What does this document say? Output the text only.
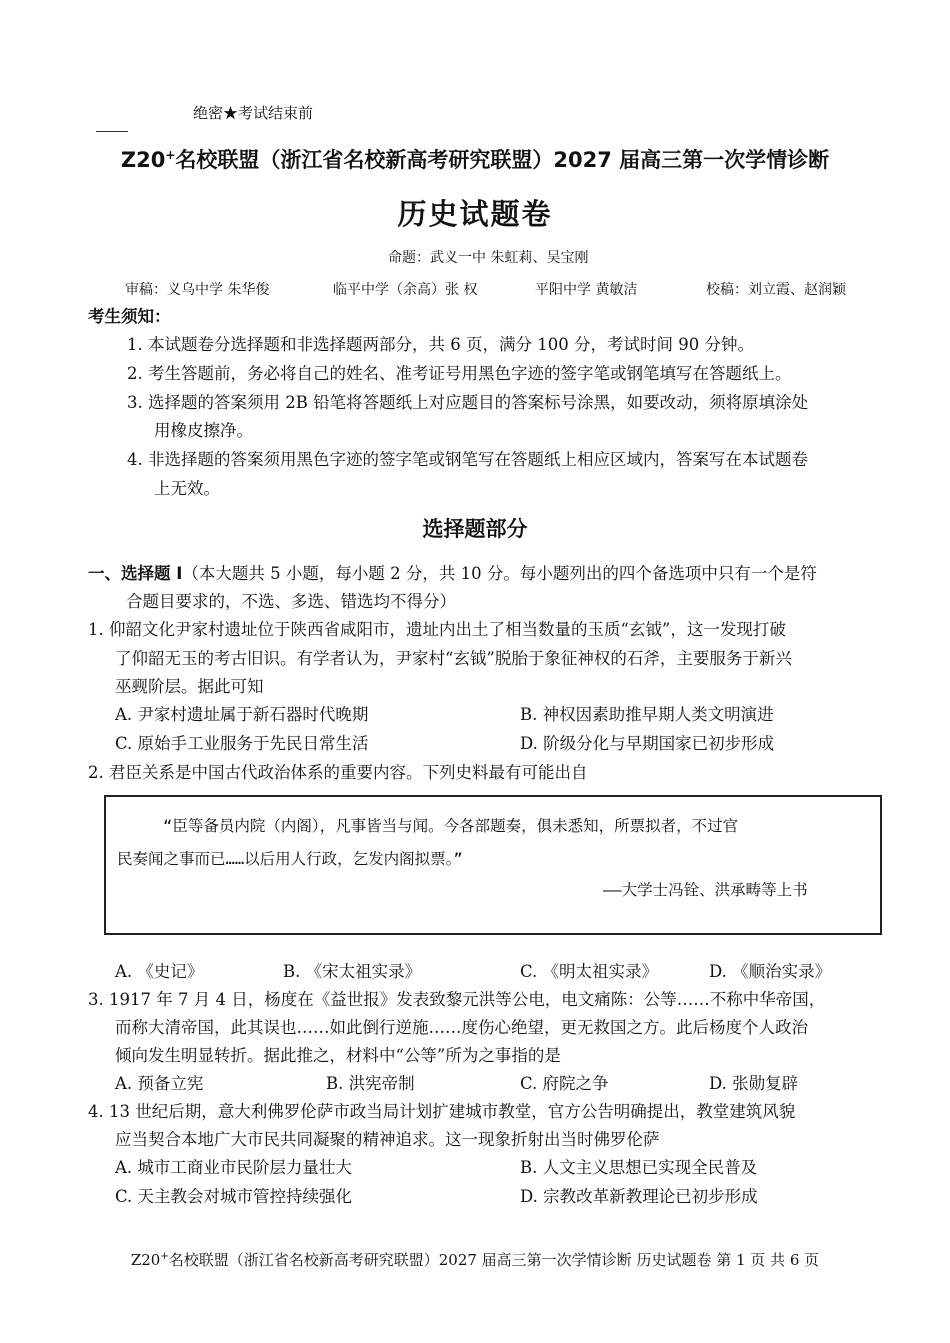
绝密★考试结束前
Z20+名校联盟（浙江省名校新高考研究联盟）2027 届高三第一次学情诊断
历史试题卷
命题：武义一中 朱虹莉、吴宝刚
审稿：义乌中学 朱华俊	临平中学（余高）张 权	平阳中学 黄敏洁	校稿：刘立霞、赵润颖
考生须知：
1. 本试题卷分选择题和非选择题两部分，共 6 页，满分 100 分，考试时间 90 分钟。
2. 考生答题前，务必将自己的姓名、准考证号用黑色字迹的签字笔或钢笔填写在答题纸上。
3. 选择题的答案须用 2B 铅笔将答题纸上对应题目的答案标号涂黑，如要改动，须将原填涂处
用橡皮擦净。
4. 非选择题的答案须用黑色字迹的签字笔或钢笔写在答题纸上相应区域内，答案写在本试题卷
上无效。
选择题部分
一、选择题 I（本大题共 5 小题，每小题 2 分，共 10 分。每小题列出的四个备选项中只有一个是符
合题目要求的，不选、多选、错选均不得分）
1. 仰韶文化尹家村遗址位于陕西省咸阳市，遗址内出土了相当数量的玉质“玄钺”，这一发现打破
了仰韶无玉的考古旧识。有学者认为，尹家村“玄钺”脱胎于象征神权的石斧，主要服务于新兴
巫觋阶层。据此可知
A. 尹家村遗址属于新石器时代晚期	B. 神权因素助推早期人类文明演进
C. 原始手工业服务于先民日常生活	D. 阶级分化与早期国家已初步形成
2. 君臣关系是中国古代政治体系的重要内容。下列史料最有可能出自
“臣等备员内院（内阁），凡事皆当与闻。今各部题奏，俱未悉知，所票拟者，不过官
民奏闻之事而已……以后用人行政，乞发内阁拟票。”
——大学士冯铨、洪承畴等上书
A. 《史记》	B. 《宋太祖实录》	C. 《明太祖实录》	D. 《顺治实录》
3. 1917 年 7 月 4 日，杨度在《益世报》发表致黎元洪等公电，电文痛陈：公等……不称中华帝国，
而称大清帝国，此其误也……如此倒行逆施……度伤心绝望，更无救国之方。此后杨度个人政治
倾向发生明显转折。据此推之，材料中“公等”所为之事指的是
A. 预备立宪	B. 洪宪帝制	C. 府院之争	D. 张勋复辟
4. 13 世纪后期，意大利佛罗伦萨市政当局计划扩建城市教堂，官方公告明确提出，教堂建筑风貌
应当契合本地广大市民共同凝聚的精神追求。这一现象折射出当时佛罗伦萨
A. 城市工商业市民阶层力量壮大	B. 人文主义思想已实现全民普及
C. 天主教会对城市管控持续强化	D. 宗教改革新教理论已初步形成
Z20+名校联盟（浙江省名校新高考研究联盟）2027 届高三第一次学情诊断 历史试题卷 第 1 页 共 6 页
